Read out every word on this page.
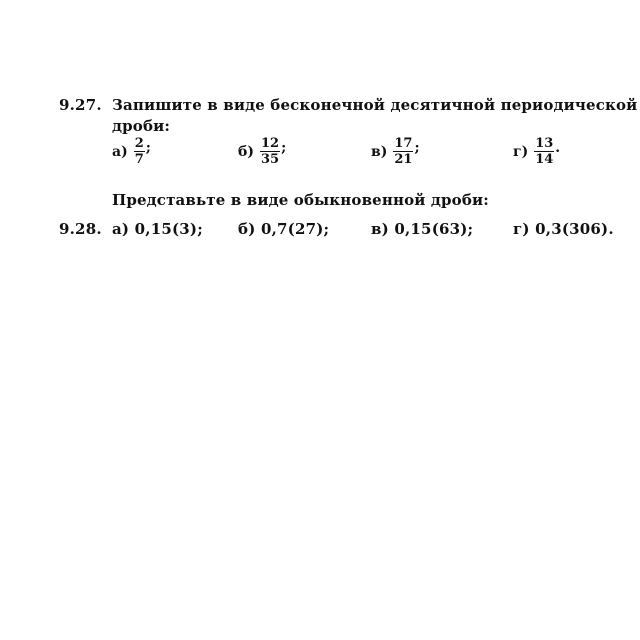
9.27. Запишите в виде бесконечной десятичной периодической
дроби:
$а) \frac{2}{7}$ ;	$б) \frac{12}{35}$ ;	$в) \frac{17}{21}$ ;	$г) \frac{13}{14}$ .
Представьте в виде обыкновенной дроби:
9.28. а) 0,15(3); б) 0,7(27);	в) 0,15(63);	г) 0,3(306).
